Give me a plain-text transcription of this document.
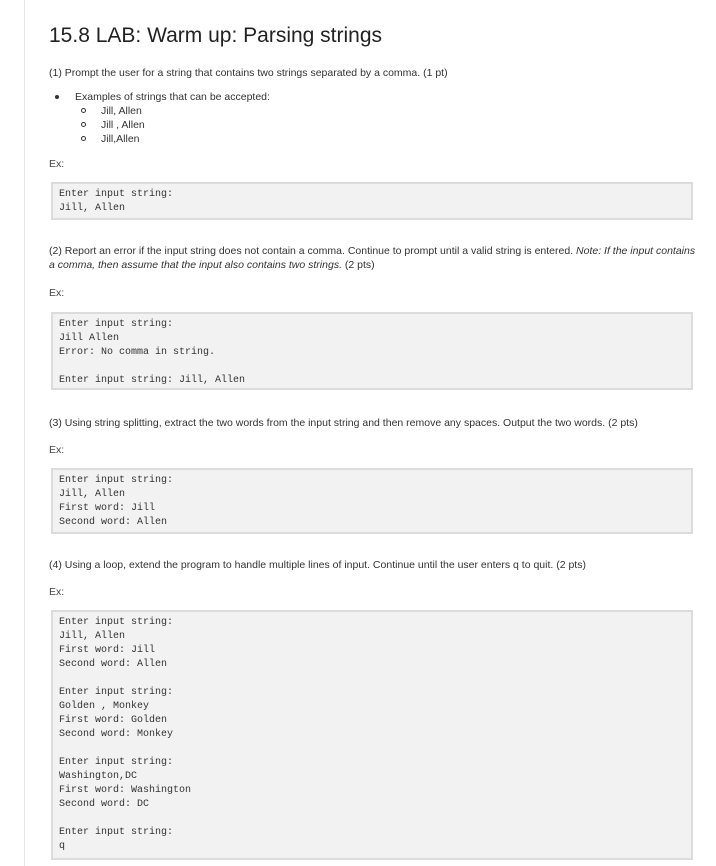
15.8 LAB: Warm up: Parsing strings

(1) Prompt the user for a string that contains two strings separated by a comma. (1 pt)

Examples of strings that can be accepted:
Jill, Allen
Jill , Allen
Jill,Allen
Ex:
Enter input string:
Jill, Allen

(2) Report an error if the input string does not contain a comma. Continue to prompt until a valid string is entered. Note: If the input contains a comma, then assume that the input also contains two strings. (2 pts)

Ex:
Enter input string:
Jill Allen
Error: No comma in string.

Enter input string: Jill, Allen

(3) Using string splitting, extract the two words from the input string and then remove any spaces. Output the two words. (2 pts)

Ex:
Enter input string:
Jill, Allen
First word: Jill
Second word: Allen

(4) Using a loop, extend the program to handle multiple lines of input. Continue until the user enters q to quit. (2 pts)

Ex:
Enter input string:
Jill, Allen
First word: Jill
Second word: Allen

Enter input string:
Golden , Monkey
First word: Golden
Second word: Monkey

Enter input string:
Washington,DC
First word: Washington
Second word: DC

Enter input string:
q
